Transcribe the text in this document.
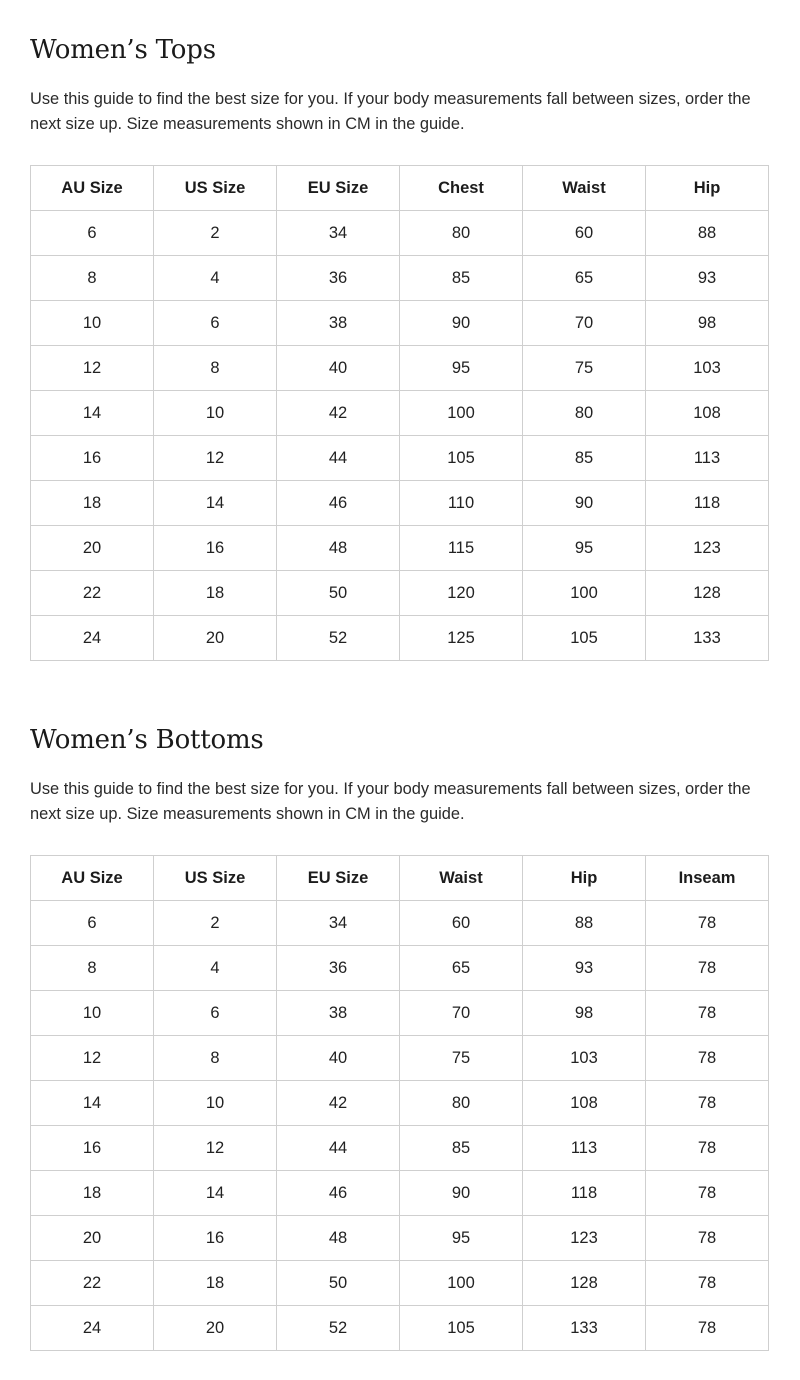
Women’s Tops

Use this guide to find the best size for you. If your body measurements fall between sizes, order the next size up. Size measurements shown in CM in the guide.

AU Size	US Size	EU Size	Chest	Waist	Hip
6	2	34	80	60	88
8	4	36	85	65	93
10	6	38	90	70	98
12	8	40	95	75	103
14	10	42	100	80	108
16	12	44	105	85	113
18	14	46	110	90	118
20	16	48	115	95	123
22	18	50	120	100	128
24	20	52	125	105	133
Women’s Bottoms

Use this guide to find the best size for you. If your body measurements fall between sizes, order the next size up. Size measurements shown in CM in the guide.

AU Size	US Size	EU Size	Waist	Hip	Inseam
6	2	34	60	88	78
8	4	36	65	93	78
10	6	38	70	98	78
12	8	40	75	103	78
14	10	42	80	108	78
16	12	44	85	113	78
18	14	46	90	118	78
20	16	48	95	123	78
22	18	50	100	128	78
24	20	52	105	133	78
